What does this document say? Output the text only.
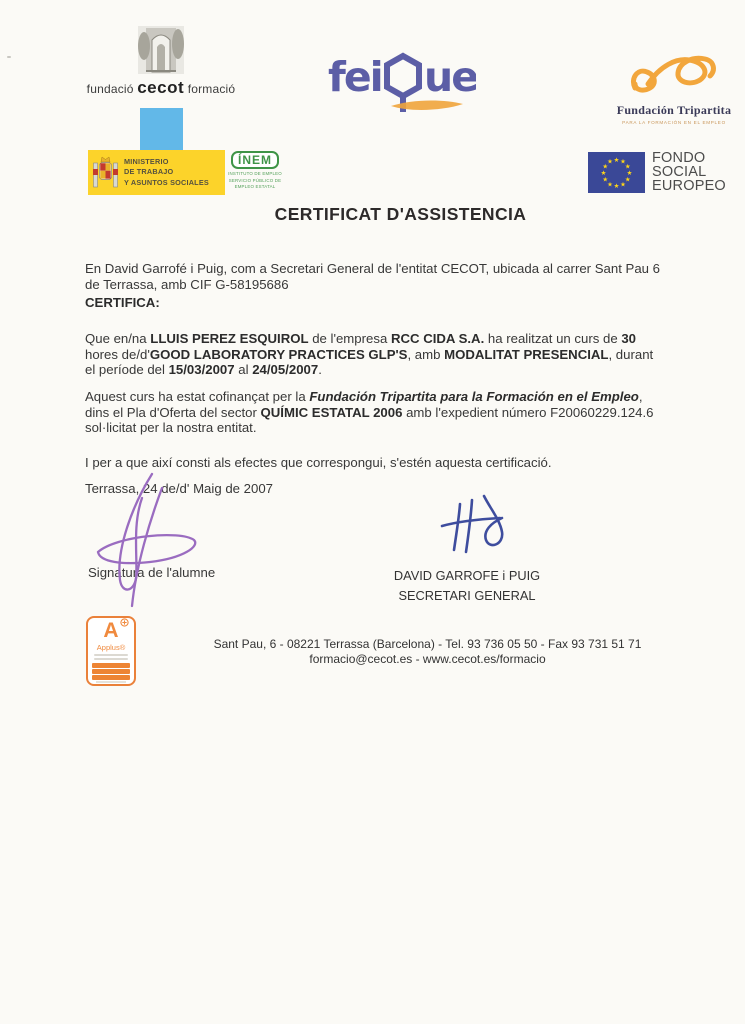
fundació cecot formació fei ue
Fundación Tripartita
PARA LA FORMACIÓN EN EL EMPLEO
MINISTERIO
DE TRABAJO
Y ASUNTOS SOCIALES
ÍNEM
INSTITUTO DE EMPLEO
SERVICIO PÚBLICO DE
EMPLEO ESTATAL
★ ★
★
★
★
★
★
★
★
★
★
★	FONDO
SOCIAL
EUROPEO
CERTIFICAT D'ASSISTENCIA

En David Garrofé i Puig, com a Secretari General de l'entitat CECOT, ubicada al carrer Sant Pau 6 de Terrassa, amb CIF G-58195686

CERTIFICA:

Que en/na LLUIS PEREZ ESQUIROL de l'empresa RCC CIDA S.A. ha realitzat un curs de 30 hores de/d'GOOD LABORATORY PRACTICES GLP'S, amb MODALITAT PRESENCIAL, durant el període del 15/03/2007 al 24/05/2007.

Aquest curs ha estat cofinançat per la Fundación Tripartita para la Formación en el Empleo, dins el Pla d'Oferta del sector QUÍMIC ESTATAL 2006 amb l'expedient número F20060229.124.6 sol·licitat per la nostra entitat.

I per a que així consti als efectes que correspongui, s'estén aquesta certificació.

Terrassa, 24 de/d' Maig de 2007

Signatura de l'alumne	DAVID GARROFE i PUIG
SECRETARI GENERAL
A
Applus®	Sant Pau, 6 - 08221 Terrassa (Barcelona) - Tel. 93 736 05 50 - Fax 93 731 51 71
formacio@cecot.es - www.cecot.es/formacio
